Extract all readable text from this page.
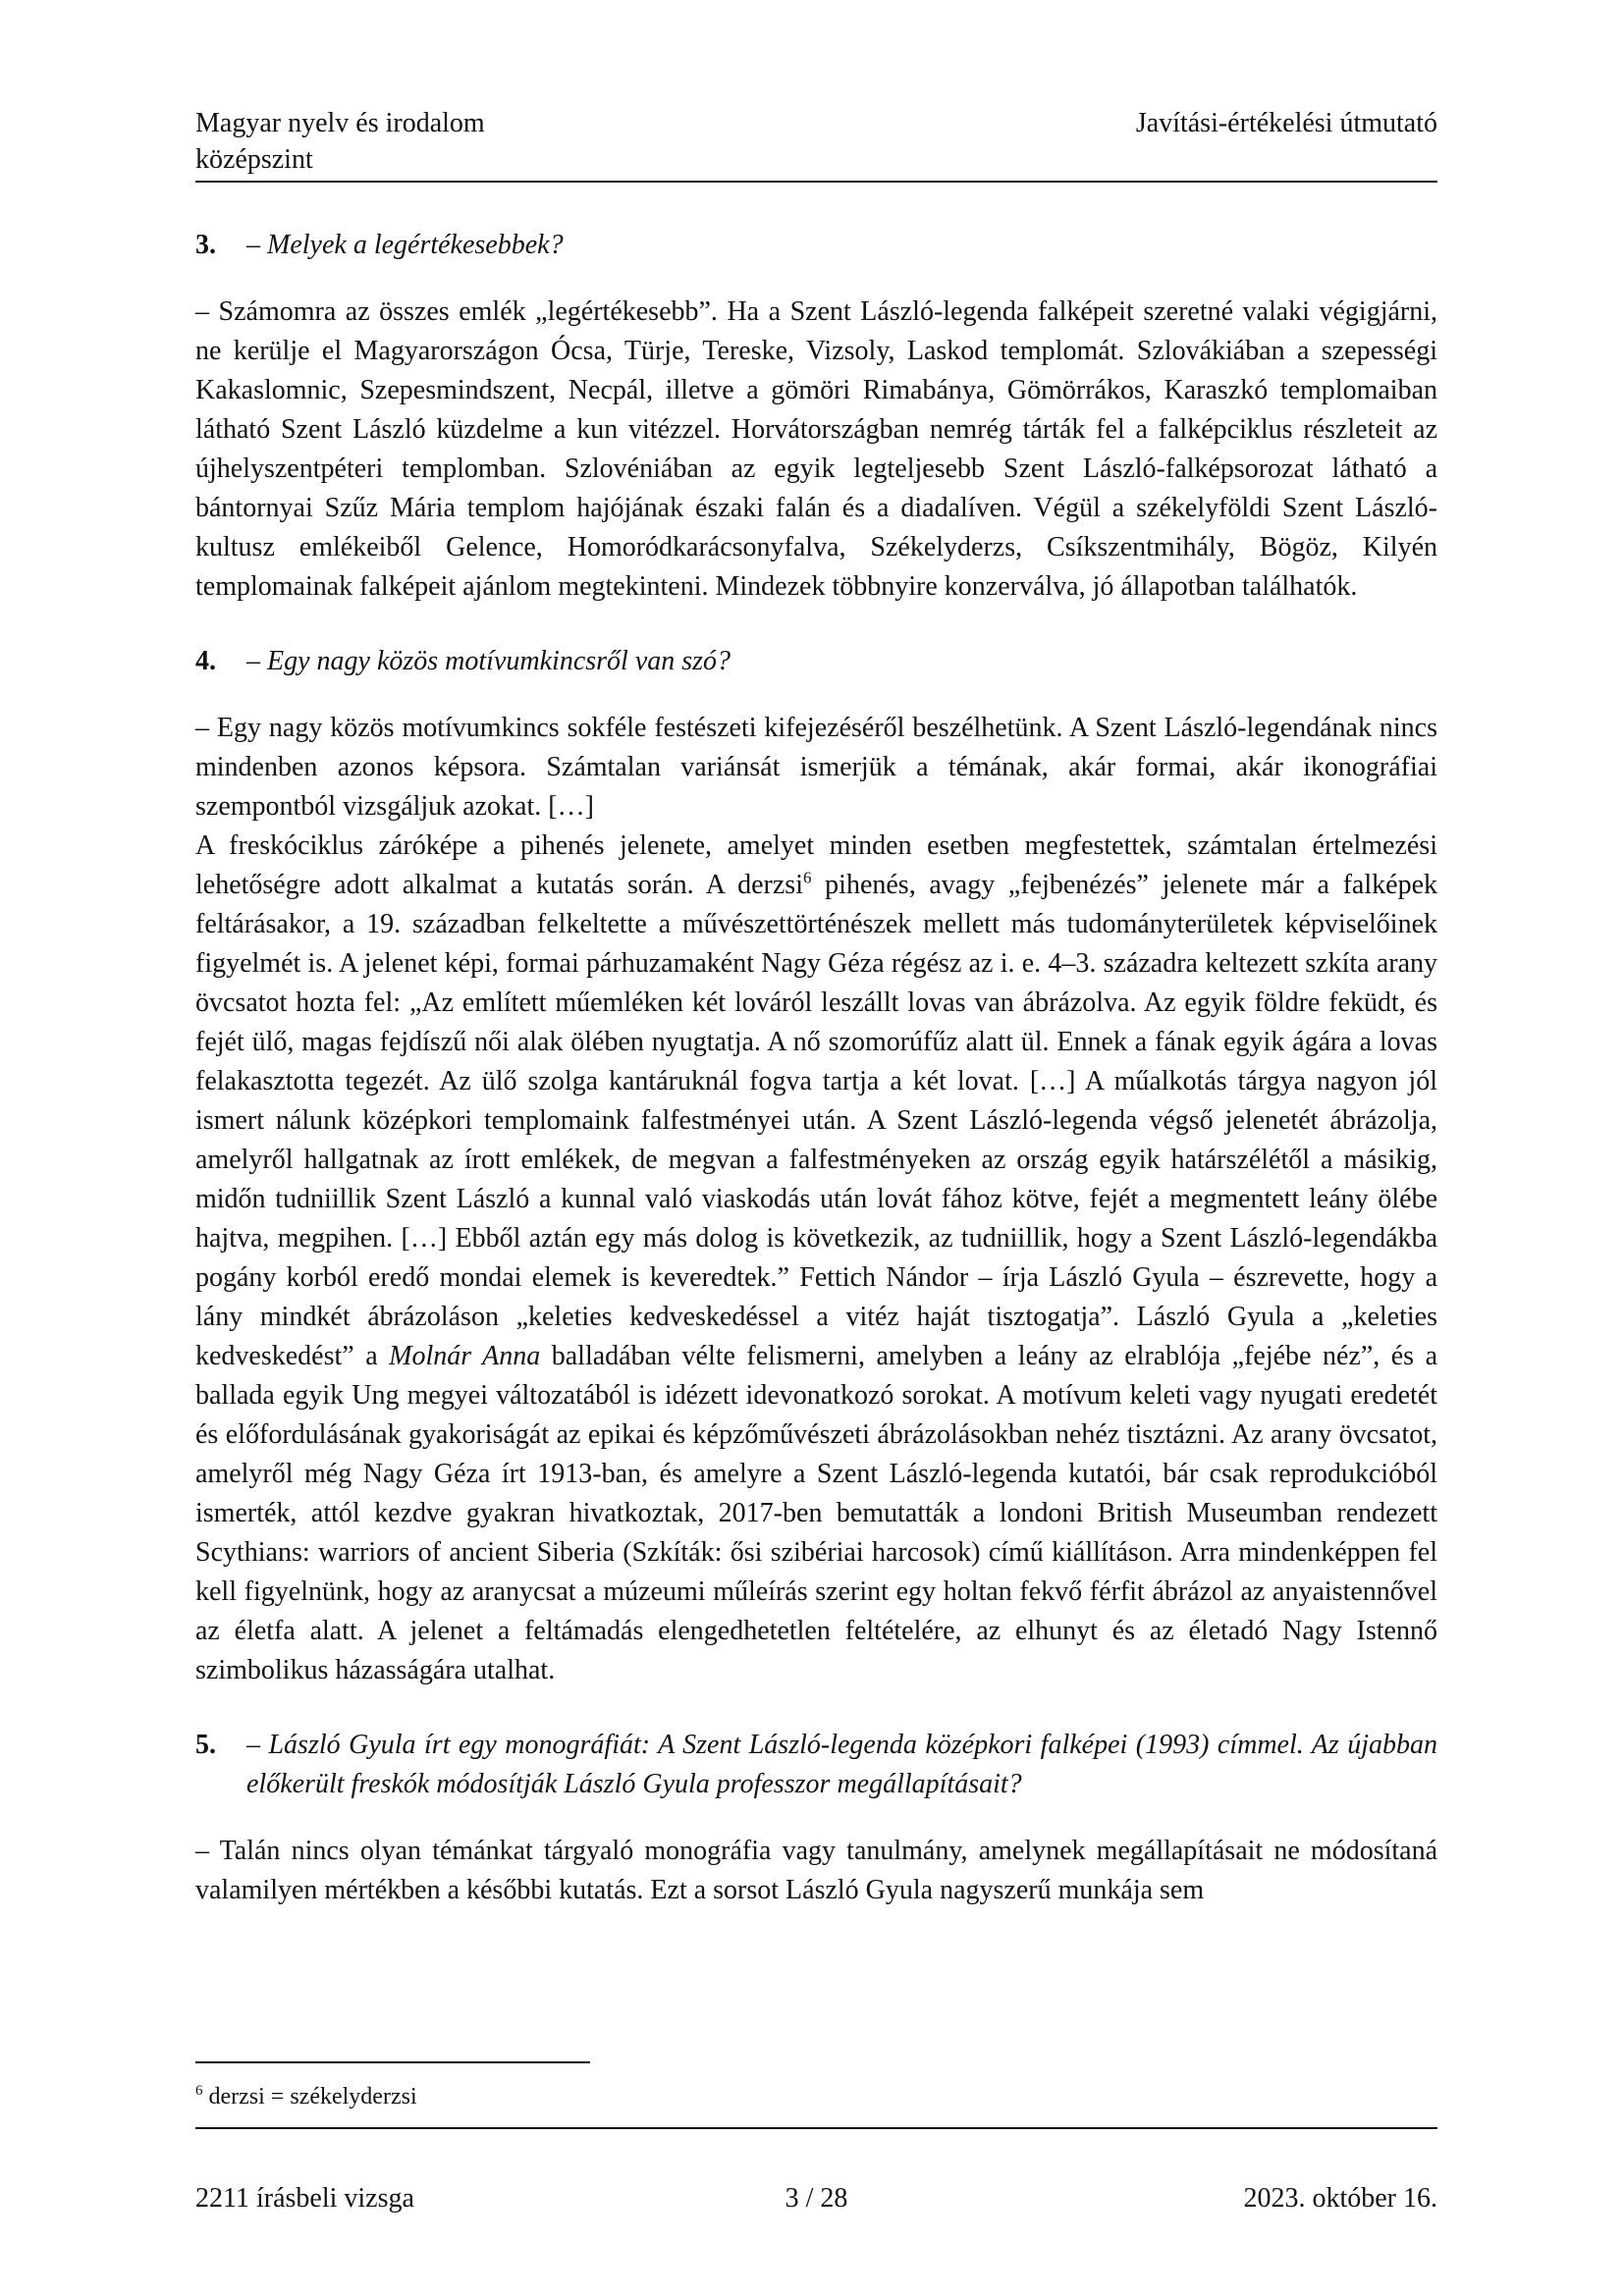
Magyar nyelv és irodalom
középszint
Javítási-értékelési útmutató
3. – Melyek a legértékesebbek?

– Számomra az összes emlék „legértékesebb”. Ha a Szent László-legenda falképeit szeretné valaki végigjárni, ne kerülje el Magyarországon Ócsa, Türje, Tereske, Vizsoly, Laskod templomát. Szlovákiában a szepességi Kakaslomnic, Szepesmindszent, Necpál, illetve a gömöri Rimabánya, Gömörrákos, Karaszkó templomaiban látható Szent László küzdelme a kun vitézzel. Horvátországban nemrég tárták fel a falképciklus részleteit az újhelyszentpéteri templomban. Szlovéniában az egyik legteljesebb Szent László-falképsorozat látható a bántornyai Szűz Mária templom hajójának északi falán és a diadalíven. Végül a székelyföldi Szent László-kultusz emlékeiből Gelence, Homoródkarácsonyfalva, Székelyderzs, Csíkszentmihály, Bögöz, Kilyén templomainak falképeit ajánlom megtekinteni. Mindezek többnyire konzerválva, jó állapotban találhatók.

4. – Egy nagy közös motívumkincsről van szó?

– Egy nagy közös motívumkincs sokféle festészeti kifejezéséről beszélhetünk. A Szent László-legendának nincs mindenben azonos képsora. Számtalan variánsát ismerjük a témának, akár formai, akár ikonográfiai szempontból vizsgáljuk azokat. […]

A freskóciklus záróképe a pihenés jelenete, amelyet minden esetben megfestettek, számtalan értelmezési lehetőségre adott alkalmat a kutatás során. A derzsi$^6$ pihenés, avagy „fejbenézés” jelenete már a falképek feltárásakor, a 19. században felkeltette a művészettörténészek mellett más tudományterületek képviselőinek figyelmét is. A jelenet képi, formai párhuzamaként Nagy Géza régész az i. e. 4–3. századra keltezett szkíta arany övcsatot hozta fel: „Az említett műemléken két lováról leszállt lovas van ábrázolva. Az egyik földre feküdt, és fejét ülő, magas fejdíszű női alak ölében nyugtatja. A nő szomorúfűz alatt ül. Ennek a fának egyik ágára a lovas felakasztotta tegezét. Az ülő szolga kantáruknál fogva tartja a két lovat. […] A műalkotás tárgya nagyon jól ismert nálunk középkori templomaink falfestményei után. A Szent László-legenda végső jelenetét ábrázolja, amelyről hallgatnak az írott emlékek, de megvan a falfestményeken az ország egyik határszélétől a másikig, midőn tudniillik Szent László a kunnal való viaskodás után lovát fához kötve, fejét a megmentett leány ölébe hajtva, megpihen. […] Ebből aztán egy más dolog is következik, az tudniillik, hogy a Szent László-legendákba pogány korból eredő mondai elemek is keveredtek.” Fettich Nándor – írja László Gyula – észrevette, hogy a lány mindkét ábrázoláson „keleties kedveskedéssel a vitéz haját tisztogatja”. László Gyula a „keleties kedveskedést” a Molnár Anna balladában vélte felismerni, amelyben a leány az elrablója „fejébe néz”, és a ballada egyik Ung megyei változatából is idézett idevonatkozó sorokat. A motívum keleti vagy nyugati eredetét és előfordulásának gyakoriságát az epikai és képzőművészeti ábrázolásokban nehéz tisztázni. Az arany övcsatot, amelyről még Nagy Géza írt 1913-ban, és amelyre a Szent László-legenda kutatói, bár csak reprodukcióból ismerték, attól kezdve gyakran hivatkoztak, 2017-ben bemutatták a londoni British Museumban rendezett Scythians: warriors of ancient Siberia (Szkíták: ősi szibériai harcosok) című kiállításon. Arra mindenképpen fel kell figyelnünk, hogy az aranycsat a múzeumi műleírás szerint egy holtan fekvő férfit ábrázol az anyaistennővel az életfa alatt. A jelenet a feltámadás elengedhetetlen feltételére, az elhunyt és az életadó Nagy Istennő szimbolikus házasságára utalhat.

5.	– László Gyula írt egy monográfiát: A Szent László-legenda középkori falképei (1993) címmel. Az újabban előkerült freskók módosítják László Gyula professzor megállapításait?

– Talán nincs olyan témánkat tárgyaló monográfia vagy tanulmány, amelynek megállapításait ne módosítaná valamilyen mértékben a későbbi kutatás. Ezt a sorsot László Gyula nagyszerű munkája sem

$^6$ derzsi = székelyderzsi
2211 írásbeli vizsga	3 / 28	2023. október 16.
